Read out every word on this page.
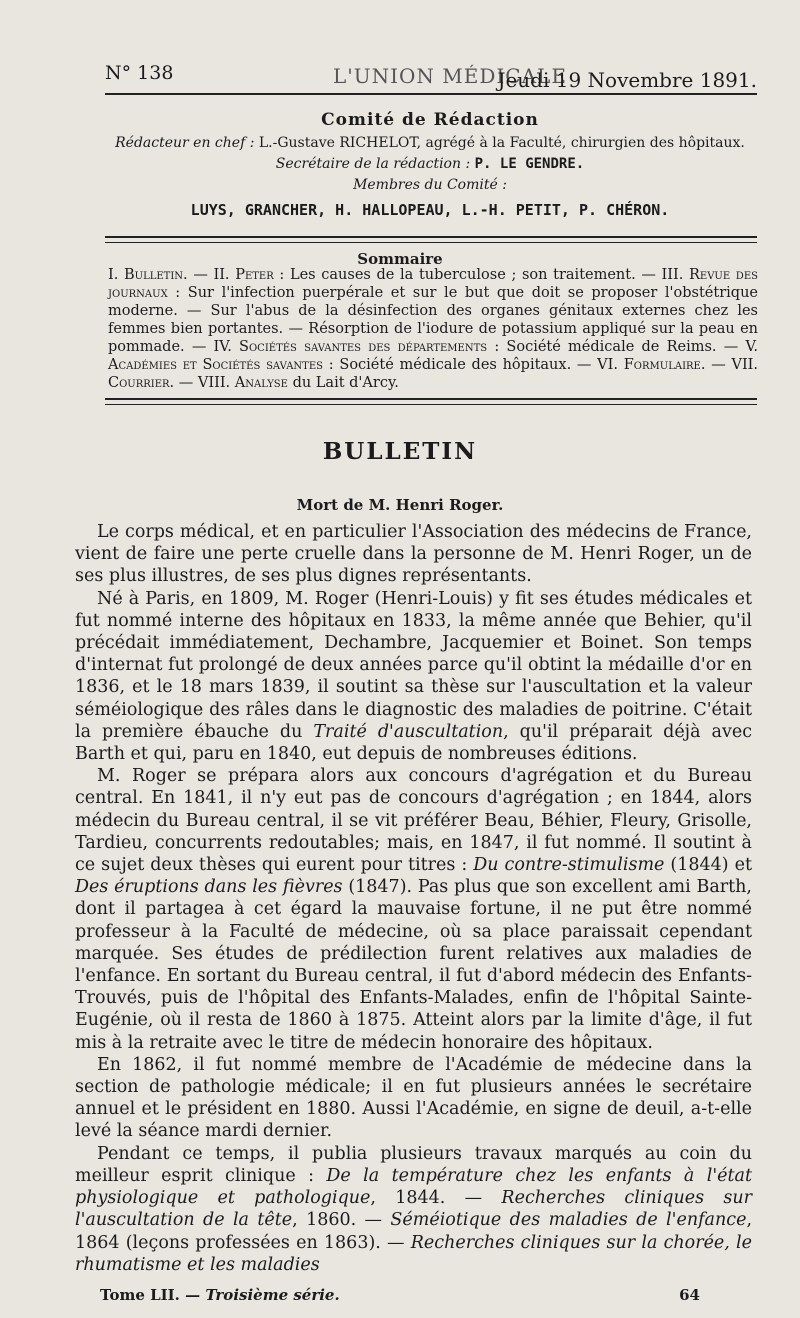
N° 138	L'UNION MÉDICALE
Jeudi 19 Novembre 1891.
Comité de Rédaction
Rédacteur en chef : L.-Gustave RICHELOT, agrégé à la Faculté, chirurgien des hôpitaux.
Secrétaire de la rédaction : P. LE GENDRE.
Membres du Comité :
LUYS, GRANCHER, H. HALLOPEAU, L.-H. PETIT, P. CHÉRON.
Sommaire
I. Bulletin. — II. Peter : Les causes de la tuberculose ; son traitement. — III. Revue des journaux : Sur l'infection puerpérale et sur le but que doit se proposer l'obstétrique moderne. — Sur l'abus de la désinfection des organes génitaux externes chez les femmes bien portantes. — Résorption de l'iodure de potassium appliqué sur la peau en pommade. — IV. Sociétés savantes des départements : Société médicale de Reims. — V. Académies et Sociétés savantes : Société médicale des hôpitaux. — VI. Formulaire. — VII. Courrier. — VIII. Analyse du Lait d'Arcy.
BULLETIN
Mort de M. Henri Roger.

Le corps médical, et en particulier l'Association des médecins de France, vient de faire une perte cruelle dans la personne de M. Henri Roger, un de ses plus illustres, de ses plus dignes représentants.

Né à Paris, en 1809, M. Roger (Henri-Louis) y fit ses études médicales et fut nommé interne des hôpitaux en 1833, la même année que Behier, qu'il précédait immédiatement, Dechambre, Jacquemier et Boinet. Son temps d'internat fut prolongé de deux années parce qu'il obtint la médaille d'or en 1836, et le 18 mars 1839, il soutint sa thèse sur l'auscultation et la valeur séméiologique des râles dans le diagnostic des maladies de poitrine. C'était la première ébauche du Traité d'auscultation, qu'il préparait déjà avec Barth et qui, paru en 1840, eut depuis de nombreuses éditions.

M. Roger se prépara alors aux concours d'agrégation et du Bureau central. En 1841, il n'y eut pas de concours d'agrégation ; en 1844, alors médecin du Bureau central, il se vit préférer Beau, Béhier, Fleury, Grisolle, Tardieu, concurrents redoutables; mais, en 1847, il fut nommé. Il soutint à ce sujet deux thèses qui eurent pour titres : Du contre-stimulisme (1844) et Des éruptions dans les fièvres (1847). Pas plus que son excellent ami Barth, dont il partagea à cet égard la mauvaise fortune, il ne put être nommé professeur à la Faculté de médecine, où sa place paraissait cependant marquée. Ses études de prédilection furent relatives aux maladies de l'enfance. En sortant du Bureau central, il fut d'abord médecin des Enfants-Trouvés, puis de l'hôpital des Enfants-Malades, enfin de l'hôpital Sainte-Eugénie, où il resta de 1860 à 1875. Atteint alors par la limite d'âge, il fut mis à la retraite avec le titre de médecin honoraire des hôpitaux.

En 1862, il fut nommé membre de l'Académie de médecine dans la section de pathologie médicale; il en fut plusieurs années le secrétaire annuel et le président en 1880. Aussi l'Académie, en signe de deuil, a-t-elle levé la séance mardi dernier.

Pendant ce temps, il publia plusieurs travaux marqués au coin du meilleur esprit clinique : De la température chez les enfants à l'état physiologique et pathologique, 1844. — Recherches cliniques sur l'auscultation de la tête, 1860. — Séméiotique des maladies de l'enfance, 1864 (leçons professées en 1863). — Recherches cliniques sur la chorée, le rhumatisme et les maladies

Tome LII. — Troisième série.	64
